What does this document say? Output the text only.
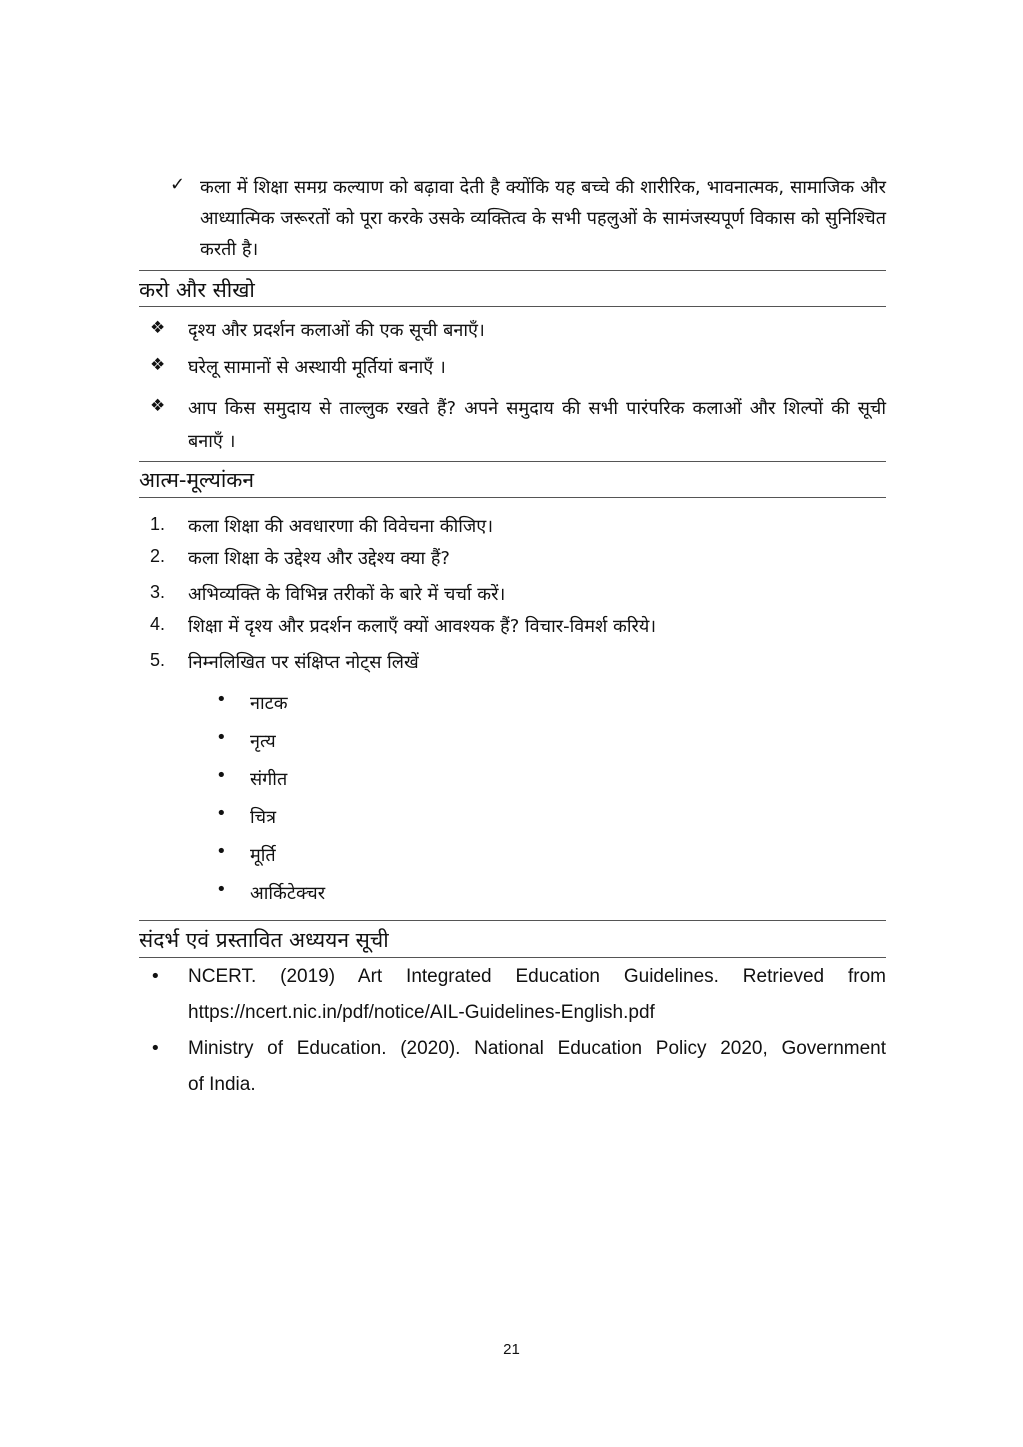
✓ कला में शिक्षा समग्र कल्याण को बढ़ावा देती है क्योंकि यह बच्चे की शारीरिक, भावनात्मक, सामाजिक और आध्यात्मिक जरूरतों को पूरा करके उसके व्यक्तित्व के सभी पहलुओं के सामंजस्यपूर्ण विकास को सुनिश्चित करती है।
करो और सीखो
❖	दृश्य और प्रदर्शन कलाओं की एक सूची बनाएँ।
❖	घरेलू सामानों से अस्थायी मूर्तियां बनाएँ ।
❖	आप किस समुदाय से ताल्लुक रखते हैं? अपने समुदाय की सभी पारंपरिक कलाओं और शिल्पों की सूची बनाएँ ।
आत्म-मूल्यांकन
1. कला शिक्षा की अवधारणा की विवेचना कीजिए।
2. कला शिक्षा के उद्देश्य और उद्देश्य क्या हैं?
3. अभिव्यक्ति के विभिन्न तरीकों के बारे में चर्चा करें।
4. शिक्षा में दृश्य और प्रदर्शन कलाएँ क्यों आवश्यक हैं? विचार-विमर्श करिये।
5. निम्नलिखित पर संक्षिप्त नोट्स लिखें
• नाटक
• नृत्य
• संगीत
• चित्र
• मूर्ति
• आर्किटेक्चर
संदर्भ एवं प्रस्तावित अध्ययन सूची
• NCERT. (2019) Art Integrated Education Guidelines. Retrieved from
https://ncert.nic.in/pdf/notice/AIL-Guidelines-English.pdf
• Ministry of Education. (2020). National Education Policy 2020, Government
of India.
21
